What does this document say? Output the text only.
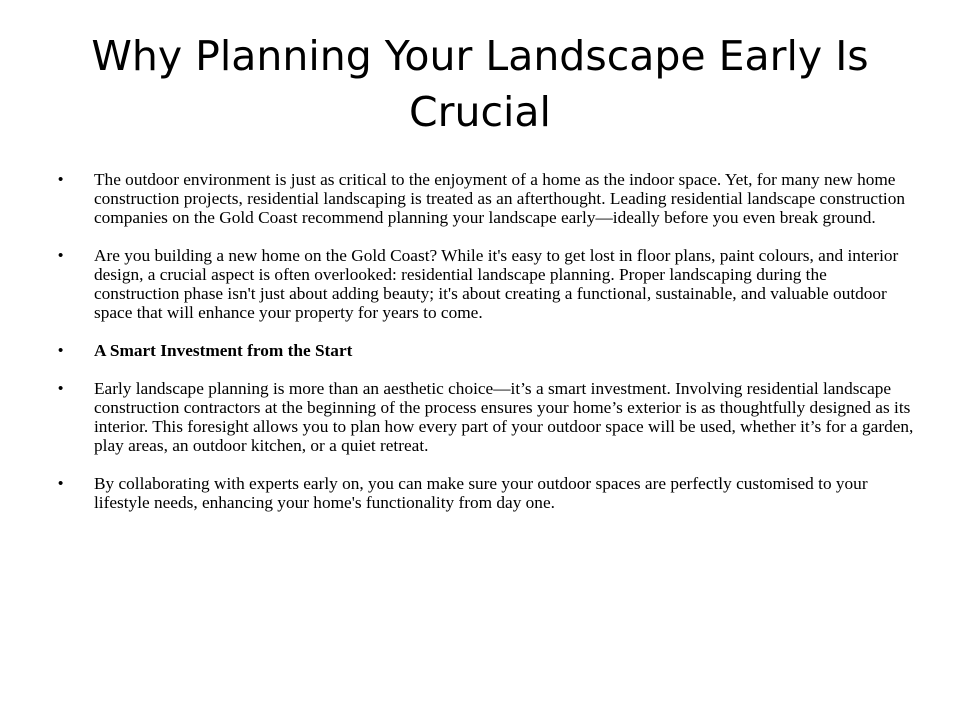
Why Planning Your Landscape Early Is Crucial
• The outdoor environment is just as critical to the enjoyment of a home as the indoor space. Yet, for many new home construction projects, residential landscaping is treated as an afterthought. Leading residential landscape construction companies on the Gold Coast recommend planning your landscape early—ideally before you even break ground.
• Are you building a new home on the Gold Coast? While it's easy to get lost in floor plans, paint colours, and interior design, a crucial aspect is often overlooked: residential landscape planning. Proper landscaping during the construction phase isn't just about adding beauty; it's about creating a functional, sustainable, and valuable outdoor space that will enhance your property for years to come.
• A Smart Investment from the Start
• Early landscape planning is more than an aesthetic choice—it’s a smart investment. Involving residential landscape construction contractors at the beginning of the process ensures your home’s exterior is as thoughtfully designed as its interior. This foresight allows you to plan how every part of your outdoor space will be used, whether it’s for a garden, play areas, an outdoor kitchen, or a quiet retreat.
• By collaborating with experts early on, you can make sure your outdoor spaces are perfectly customised to your lifestyle needs, enhancing your home's functionality from day one.
